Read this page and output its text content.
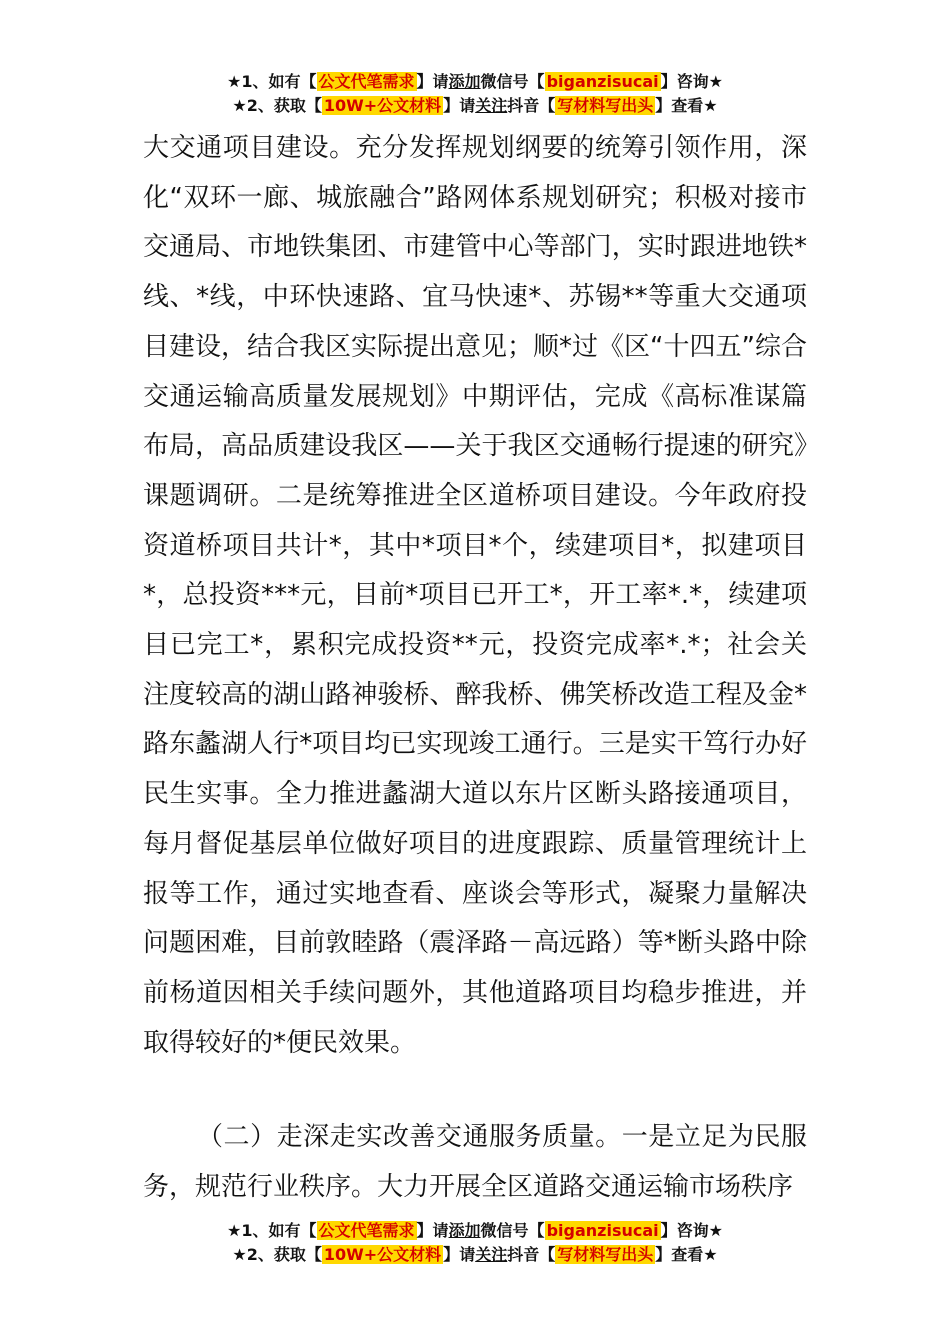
★1、如有【 公文代笔需求 】请添加微信号【 biganzisucai 】咨询★
★2、获取【 10W+公文材料 】请关注抖音【 写材料写出头 】查看★

大交通项目建设。充分发挥规划纲要的统筹引领作用，深化“双环一廊、城旅融合”路网体系规划研究；积极对接市交通局、市地铁集团、市建管中心等部门，实时跟进地铁*线、*线，中环快速路、宜马快速*、苏锡**等重大交通项目建设，结合我区实际提出意见；顺*过《区“十四五”综合交通运输高质量发展规划》中期评估，完成《高标准谋篇布局，高品质建设我区——关于我区交通畅行提速的研究》课题调研。二是统筹推进全区道桥项目建设。今年政府投资道桥项目共计*，其中*项目*个，续建项目*，拟建项目*，总投资***元，目前*项目已开工*，开工率*.*，续建项目已完工*，累积完成投资**元，投资完成率*.*；社会关注度较高的湖山路神骏桥、醉我桥、佛笑桥改造工程及金*路东蠡湖人行*项目均已实现竣工通行。三是实干笃行办好民生实事。全力推进蠡湖大道以东片区断头路接通项目，每月督促基层单位做好项目的进度跟踪、质量管理统计上报等工作，通过实地查看、座谈会等形式，凝聚力量解决问题困难，目前敦睦路（震泽路－高远路）等*断头路中除前杨道因相关手续问题外，其他道路项目均稳步推进，并取得较好的*便民效果。

（二）走深走实改善交通服务质量。一是立足为民服务，规范行业秩序。大力开展全区道路交通运输市场秩序

★1、如有【 公文代笔需求 】请添加微信号【 biganzisucai 】咨询★
★2、获取【 10W+公文材料 】请关注抖音【 写材料写出头 】查看★
